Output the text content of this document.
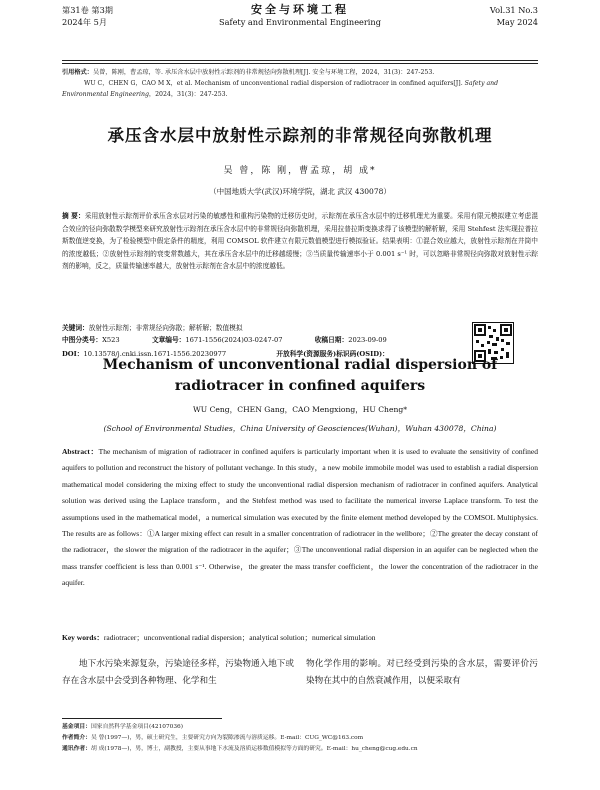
第31卷 第3期
2024年 5月
安全与环境工程
Safety and Environmental Engineering
Vol.31 No.3
May 2024
引用格式：吴曾，陈刚，曹孟琼，等. 承压含水层中放射性示踪剂的非常规径向弥散机理[J]. 安全与环境工程，2024，31(3)：247-253.
WU C，CHEN G，CAO M X，et al. Mechanism of unconventional radial dispersion of radiotracer in confined aquifers[J]. Safety and Environmental Engineering，2024，31(3)：247-253.
承压含水层中放射性示踪剂的非常规径向弥散机理
吴 曾，陈 刚，曹孟琼，胡 成*
（中国地质大学(武汉)环境学院，湖北 武汉 430078）
摘 要：采用放射性示踪剂评价承压含水层对污染的敏感性和重构污染物的迁移历史时，示踪剂在承压含水层中的迁移机理尤为重要。采用有限元模拟建立考虑混合效应的径向弥散数学模型来研究放射性示踪剂在承压含水层中的非常规径向弥散机理，采用拉普拉斯变换求得了该模型的解析解，采用 Stehfest 法实现拉普拉斯数值逆变换，为了检验模型中假定条件的精度，利用 COMSOL 软件建立有限元数值模型进行模拟验证。结果表明：①混合效应越大，放射性示踪剂在井筒中的浓度越低；②放射性示踪剂的衰变常数越大，其在承压含水层中的迁移越缓慢；③当质量传输速率小于 0.001 s⁻¹ 时，可以忽略非常规径向弥散对放射性示踪剂的影响，反之，质量传输速率越大，放射性示踪剂在含水层中的浓度越低。
关键词：放射性示踪剂；非常规径向弥散；解析解；数值模拟
中图分类号：X523	文章编号：1671-1556(2024)03-0247-07	收稿日期：2023-09-09
DOI：10.13578/j.cnki.issn.1671-1556.20230977	开放科学(资源服务)标识码(OSID)：
Mechanism of unconventional radial dispersion of radiotracer in confined aquifers
WU Ceng，CHEN Gang，CAO Mengxiong，HU Cheng*
(School of Environmental Studies，China University of Geosciences(Wuhan)，Wuhan 430078，China)
Abstract：The mechanism of migration of radiotracer in confined aquifers is particularly important when it is used to evaluate the sensitivity of confined aquifers to pollution and reconstruct the history of pollutant vechange. In this study，a new mobile immobile model was used to establish a radial dispersion mathematical model considering the mixing effect to study the unconventional radial dispersion mechanism of radiotracer in confined aquifers. Analytical solution was derived using the Laplace transform，and the Stehfest method was used to facilitate the numerical inverse Laplace transform. To test the assumptions used in the mathematical model，a numerical simulation was executed by the finite element method developed by the COMSOL Multiphysics. The results are as follows：①A larger mixing effect can result in a smaller concentration of radiotracer in the wellbore；②The greater the decay constant of the radiotracer，the slower the migration of the radiotracer in the aquifer；③The unconventional radial dispersion in an aquifer can be neglected when the mass transfer coefficient is less than 0.001 s⁻¹. Otherwise，the greater the mass transfer coefficient，the lower the concentration of the radiotracer in the aquifer.
Key words：radiotracer；unconventional radial dispersion；analytical solution；numerical simulation
地下水污染来源复杂，污染途径多样，污染物通入地下或存在含水层中会受到各种物理、化学和生
物化学作用的影响。对已经受到污染的含水层，需要评价污染物在其中的自然衰减作用，以便采取有
基金项目：国家自然科学基金项目(42107036)
作者简介：吴 曾(1997—)，男，硕士研究生，主要研究方向为裂隙渗流与溶质运移。E-mail：CUG_WC@163.com
通讯作者：胡 成(1978—)，男，博士，副教授，主要从事地下水流及溶质运移数值模拟等方面的研究。E-mail：hu_cheng@cug.edu.cn
